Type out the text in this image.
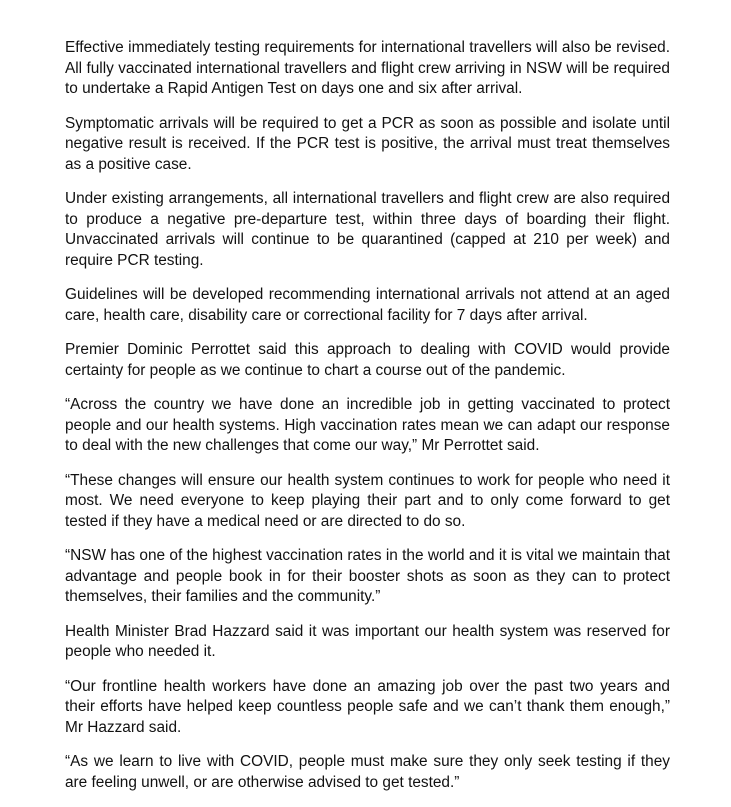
Effective immediately testing requirements for international travellers will also be revised. All fully vaccinated international travellers and flight crew arriving in NSW will be required to undertake a Rapid Antigen Test on days one and six after arrival.

Symptomatic arrivals will be required to get a PCR as soon as possible and isolate until negative result is received. If the PCR test is positive, the arrival must treat themselves as a positive case.

Under existing arrangements, all international travellers and flight crew are also required to produce a negative pre-departure test, within three days of boarding their flight. Unvaccinated arrivals will continue to be quarantined (capped at 210 per week) and require PCR testing.

Guidelines will be developed recommending international arrivals not attend at an aged care, health care, disability care or correctional facility for 7 days after arrival.

Premier Dominic Perrottet said this approach to dealing with COVID would provide certainty for people as we continue to chart a course out of the pandemic.

“Across the country we have done an incredible job in getting vaccinated to protect people and our health systems. High vaccination rates mean we can adapt our response to deal with the new challenges that come our way,” Mr Perrottet said.

“These changes will ensure our health system continues to work for people who need it most. We need everyone to keep playing their part and to only come forward to get tested if they have a medical need or are directed to do so.

“NSW has one of the highest vaccination rates in the world and it is vital we maintain that advantage and people book in for their booster shots as soon as they can to protect themselves, their families and the community.”

Health Minister Brad Hazzard said it was important our health system was reserved for people who needed it.

“Our frontline health workers have done an amazing job over the past two years and their efforts have helped keep countless people safe and we can’t thank them enough,” Mr Hazzard said.

“As we learn to live with COVID, people must make sure they only seek testing if they are feeling unwell, or are otherwise advised to get tested.”
